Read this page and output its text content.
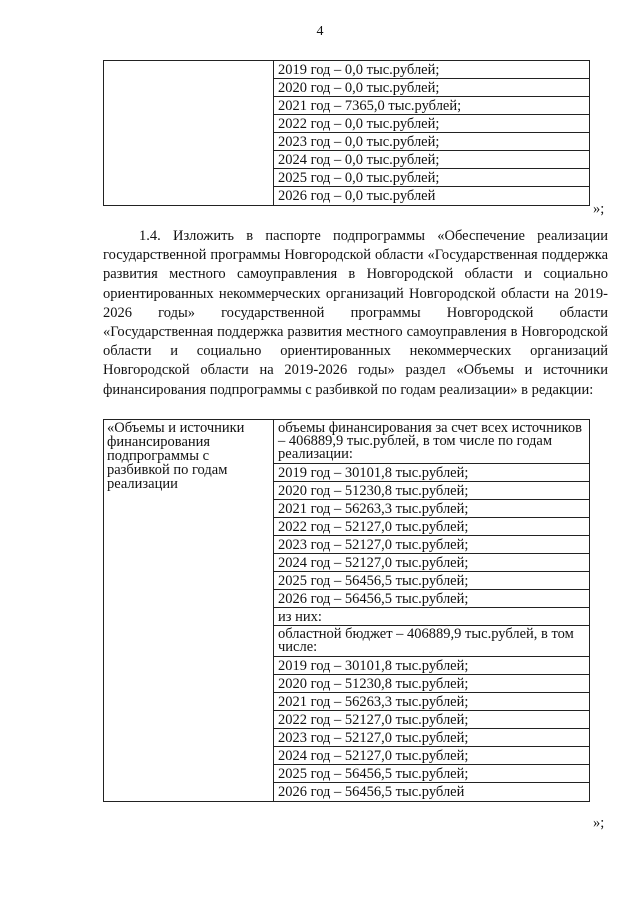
4

2019 год – 0,0 тыс.рублей;
2020 год – 0,0 тыс.рублей;
2021 год – 7365,0 тыс.рублей;
2022 год – 0,0 тыс.рублей;
2023 год – 0,0 тыс.рублей;
2024 год – 0,0 тыс.рублей;
2025 год – 0,0 тыс.рублей;
2026 год – 0,0 тыс.рублей
»;

1.4. Изложить в паспорте подпрограммы «Обеспечение реализации государственной программы Новгородской области «Государственная поддержка развития местного самоуправления в Новгородской области и социально ориентированных некоммерческих организаций Новгородской области на 2019-2026 годы» государственной программы Новгородской области «Государственная поддержка развития местного самоуправления в Новгородской области и социально ориентированных некоммерческих организаций Новгородской области на 2019-2026 годы» раздел «Объемы и источники финансирования подпрограммы с разбивкой по годам реализации» в редакции:

«Объемы и источники финансирования подпрограммы с разбивкой по годам реализации	
объемы финансирования за счет всех источников – 406889,9 тыс.рублей, в том числе по годам реализации:
2019 год – 30101,8 тыс.рублей;
2020 год – 51230,8 тыс.рублей;
2021 год – 56263,3 тыс.рублей;
2022 год – 52127,0 тыс.рублей;
2023 год – 52127,0 тыс.рублей;
2024 год – 52127,0 тыс.рублей;
2025 год – 56456,5 тыс.рублей;
2026 год – 56456,5 тыс.рублей;
из них:
областной бюджет – 406889,9 тыс.рублей, в том числе:
2019 год – 30101,8 тыс.рублей;
2020 год – 51230,8 тыс.рублей;
2021 год – 56263,3 тыс.рублей;
2022 год – 52127,0 тыс.рублей;
2023 год – 52127,0 тыс.рублей;
2024 год – 52127,0 тыс.рублей;
2025 год – 56456,5 тыс.рублей;
2026 год – 56456,5 тыс.рублей
»;
